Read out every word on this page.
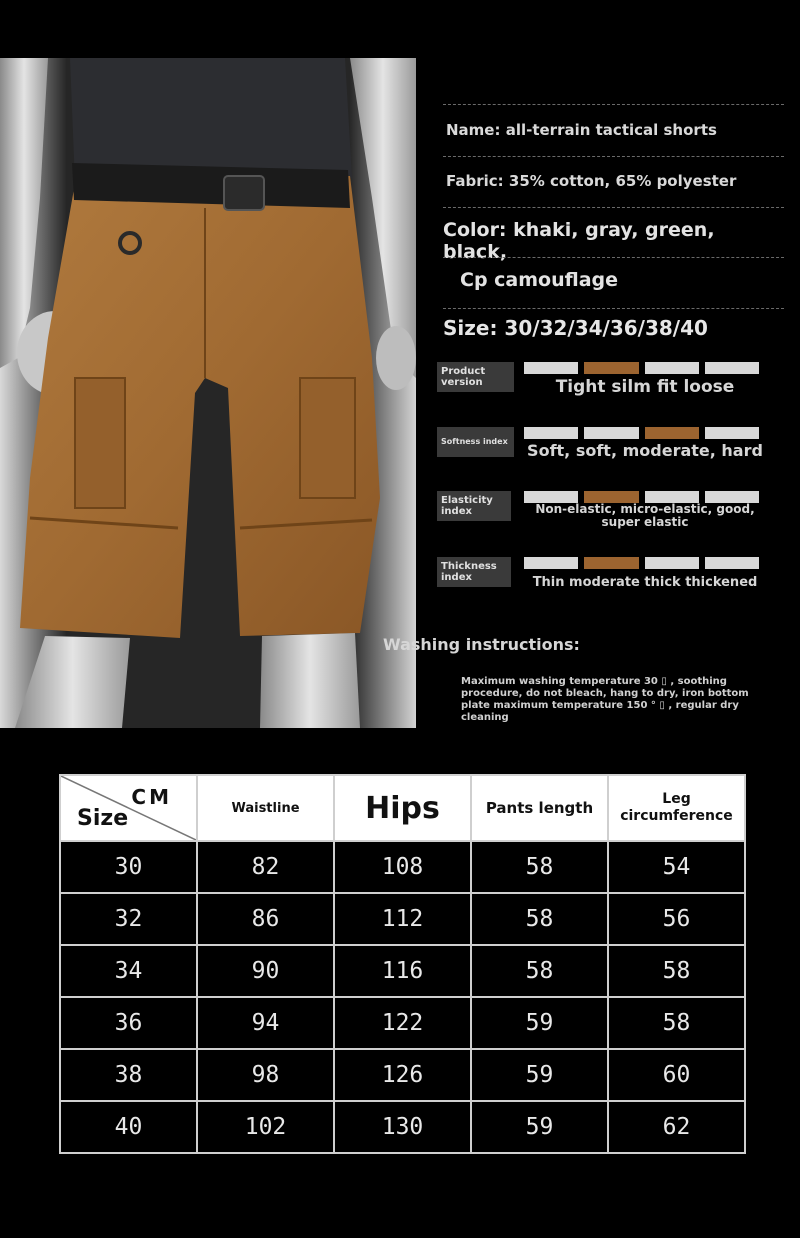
Name: all-terrain tactical shorts
Fabric: 35% cotton, 65% polyester
Color: khaki, gray, green, black,
Cp camouflage
Size: 30/32/34/36/38/40
Product version	Tight silm fit loose
Softness index	Soft, soft, moderate, hard
Elasticity index	Non-elastic, micro-elastic, good, super elastic
Thickness index	Thin moderate thick thickened
Washing instructions:
Maximum washing temperature 30 ▯ , soothing procedure, do not bleach, hang to dry, iron bottom plate maximum temperature 150 ° ▯ , regular dry cleaning
CM
Size	Waistline	Hips	Pants length	Leg circumference
30	82	108	58	54
32	86	112	58	56
34	90	116	58	58
36	94	122	59	58
38	98	126	59	60
40	102	130	59	62
